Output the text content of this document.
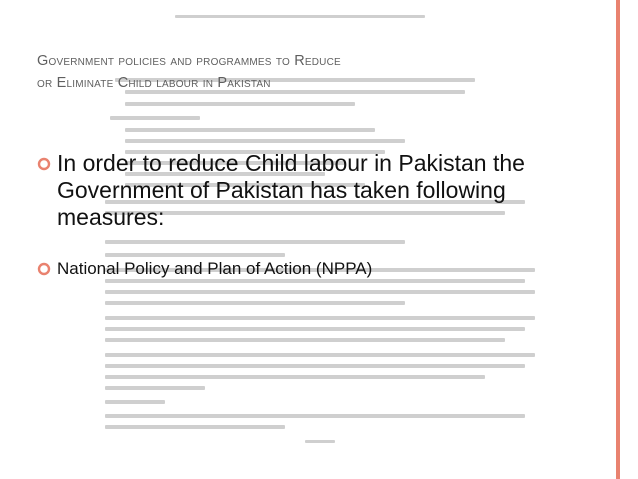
Government policies and programmes to Reduce
or Eliminate Child labour in Pakistan
In order to reduce Child labour in Pakistan the Government of Pakistan has taken following measures:
National Policy and Plan of Action (NPPA)
